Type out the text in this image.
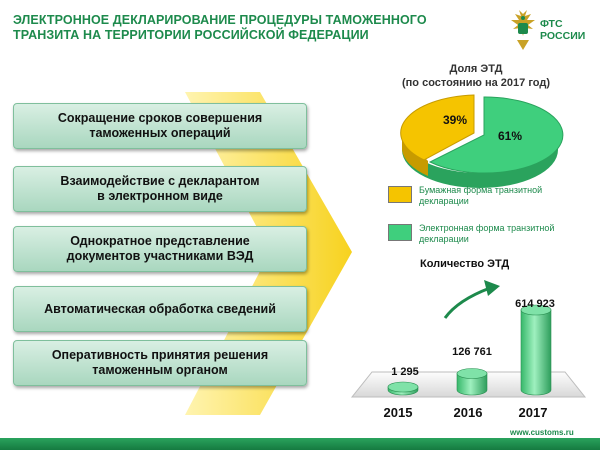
ЭЛЕКТРОННОЕ ДЕКЛАРИРОВАНИЕ ПРОЦЕДУРЫ ТАМОЖЕННОГО ТРАНЗИТА НА ТЕРРИТОРИИ РОССИЙСКОЙ ФЕДЕРАЦИИ
ФТС
РОССИИ
Сокращение сроков совершения
таможенных операций
Взаимодействие с декларантом
в электронном виде
Однократное представление
документов участниками ВЭД
Автоматическая обработка сведений
Оперативность принятия решения
таможенным органом
Доля ЭТД
(по состоянию на 2017 год)
39%
61%
Бумажная форма транзитной
декларации
Электронная форма транзитной
декларации
Количество ЭТД
1 295
126 761
614 923
2015	2016	2017
www.customs.ru
